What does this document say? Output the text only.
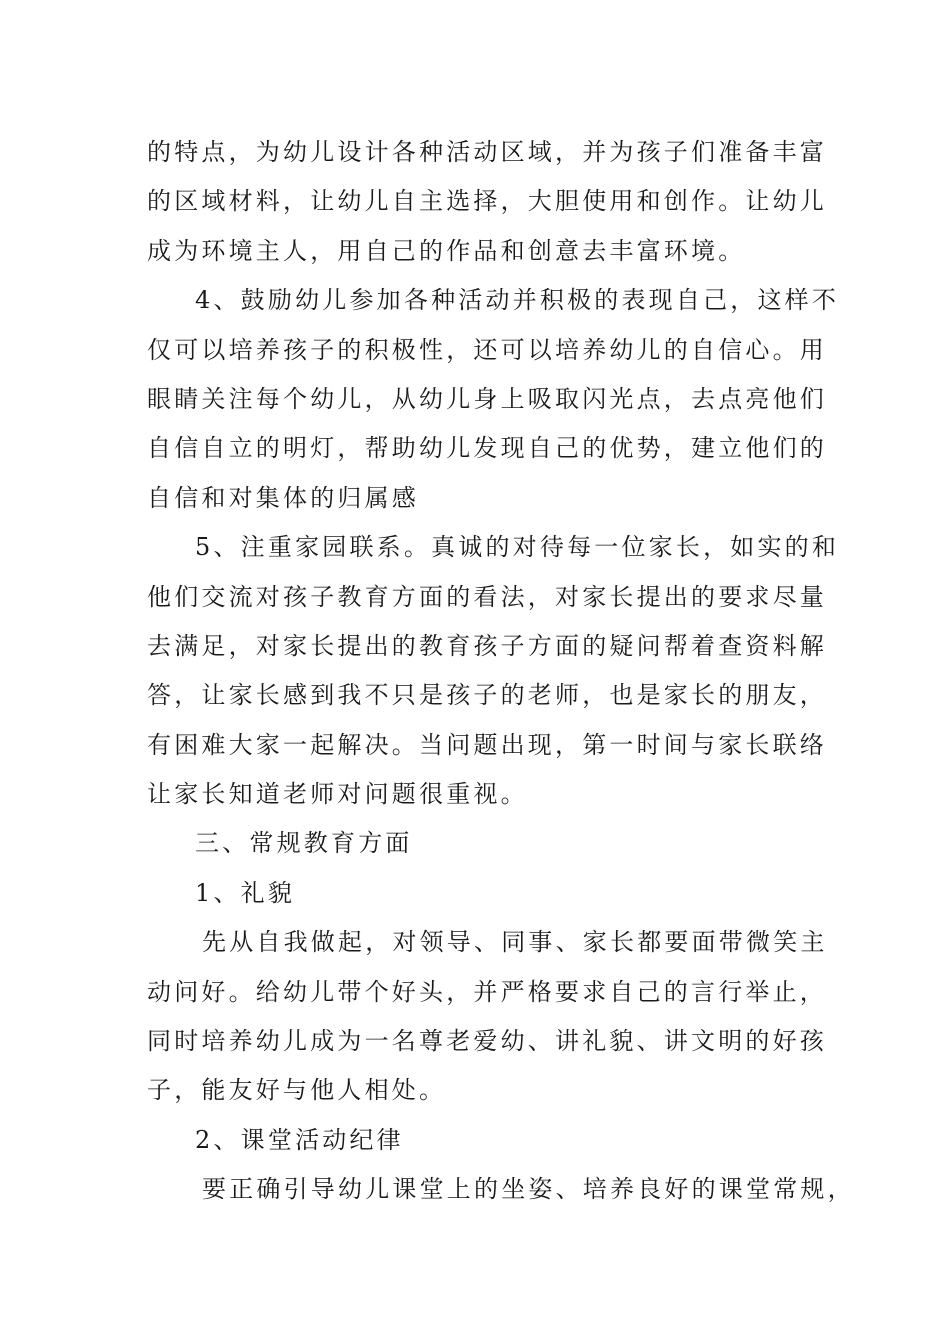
的特点，为幼儿设计各种活动区域，并为孩子们准备丰富
的区域材料，让幼儿自主选择，大胆使用和创作。让幼儿
成为环境主人，用自己的作品和创意去丰富环境。
4、鼓励幼儿参加各种活动并积极的表现自己，这样不
仅可以培养孩子的积极性，还可以培养幼儿的自信心。用
眼睛关注每个幼儿，从幼儿身上吸取闪光点，去点亮他们
自信自立的明灯，帮助幼儿发现自己的优势，建立他们的
自信和对集体的归属感
5、注重家园联系。真诚的对待每一位家长，如实的和
他们交流对孩子教育方面的看法，对家长提出的要求尽量
去满足，对家长提出的教育孩子方面的疑问帮着查资料解
答，让家长感到我不只是孩子的老师，也是家长的朋友，
有困难大家一起解决。当问题出现，第一时间与家长联络
让家长知道老师对问题很重视。
三、常规教育方面
1、礼貌
先从自我做起，对领导、同事、家长都要面带微笑主
动问好。给幼儿带个好头，并严格要求自己的言行举止，
同时培养幼儿成为一名尊老爱幼、讲礼貌、讲文明的好孩
子，能友好与他人相处。
2、课堂活动纪律
要正确引导幼儿课堂上的坐姿、培养良好的课堂常规，
